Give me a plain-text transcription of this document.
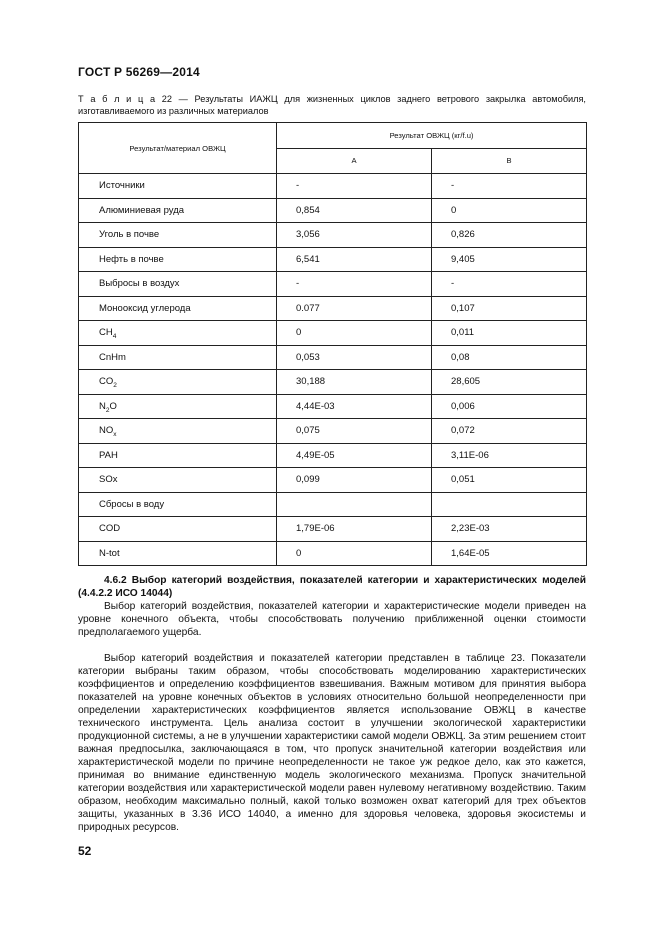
ГОСТ Р 56269—2014
Т а б л и ц а 22 — Результаты ИАЖЦ для жизненных циклов заднего ветрового закрылка автомобиля, изготавливаемого из различных материалов
Результат/материал ОВЖЦ	Результат ОВЖЦ (кг/f.u)	
	A	B
Источники	-	-
Алюминиевая руда	0,854	0
Уголь в почве	3,056	0,826
Нефть в почве	6,541	9,405
Выбросы в воздух	-	-
Монооксид углерода	0.077	0,107
$CH_4$	0	0,011
CnHm	0,053	0,08
$CO_2$	30,188	28,605
$N_2O$	4,44E-03	0,006
$NO_x$	0,075	0,072
PAH	4,49E-05	3,11E-06
SOx	0,099	0,051
Сбросы в воду		
COD	1,79E-06	2,23E-03
N-tot	0	1,64E-05
4.6.2 Выбор категорий воздействия, показателей категории и характеристических моделей (4.4.2.2 ИСО 14044)

Выбор категорий воздействия, показателей категории и характеристические модели приведен на уровне конечного объекта, чтобы способствовать получению приближенной оценки стоимости предполагаемого ущерба.

Выбор категорий воздействия и показателей категории представлен в таблице 23. Показатели категории выбраны таким образом, чтобы способствовать моделированию характеристических коэффициентов и определению коэффициентов взвешивания. Важным мотивом для принятия выбора показателей на уровне конечных объектов в условиях относительно большой неопределенности при определении характеристических коэффициентов является использование ОВЖЦ в качестве технического инструмента. Цель анализа состоит в улучшении экологической характеристики продукционной системы, а не в улучшении характеристики самой модели ОВЖЦ. За этим решением стоит важная предпосылка, заключающаяся в том, что пропуск значительной категории воздействия или характеристической модели по причине неопределенности не такое уж редкое дело, как это кажется, принимая во внимание единственную модель экологического механизма. Пропуск значительной категории воздействия или характеристической модели равен нулевому негативному воздействию. Таким образом, необходим максимально полный, какой только возможен охват категорий для трех объектов защиты, указанных в 3.36 ИСО 14040, а именно для здоровья человека, здоровья экосистемы и природных ресурсов.

52
